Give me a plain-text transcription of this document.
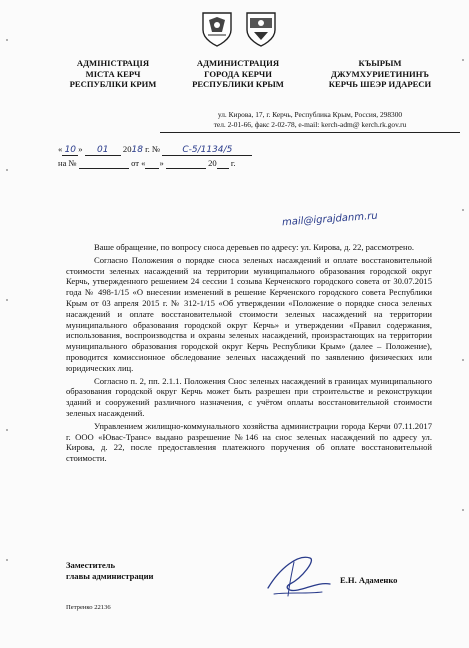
АДМІНІСТРАЦІЯ
МІСТА КЕРЧ
РЕСПУБЛІКИ КРИМ
АДМИНИСТРАЦИЯ
ГОРОДА КЕРЧИ
РЕСПУБЛИКИ КРЫМ
КЪЫРЫМ
ДЖУМХУРИЕТИНИНЪ
КЕРЧЬ ШЕЭР ИДАРЕСИ
ул. Кирова, 17, г. Керчь, Республика Крым, Россия, 298300
тел. 2-01-66, факс 2-02-78, e-mail: kerch-adm@ kerch.rk.gov.ru
« 10 » 01 2018 г. № С-5/1134/5
на №	от « »	20 г.
mail@igrajdanm.ru

Ваше обращение, по вопросу сноса деревьев по адресу: ул. Кирова, д. 22, рассмотрено.

Согласно Положения о порядке сноса зеленых насаждений и оплате восстановительной стоимости зеленых насаждений на территории муниципального образования городской округ Керчь, утвержденного решением 24 сессии 1 созыва Керченского городского совета от 30.07.2015 года № 498-1/15 «О внесении изменений в решение Керченского городского совета Республики Крым от 03 апреля 2015 г. № 312-1/15 «Об утверждении «Положение о порядке сноса зеленых насаждений и оплате восстановительной стоимости зеленых насаждений на территории муниципального образования городской округ Керчь» и утверждении «Правил содержания, использования, воспроизводства и охраны зеленых насаждений, произрастающих на территории муниципального образования городской округ Керчь Республики Крым» (далее – Положение), проводится комиссионное обследование зеленых насаждений по заявлению физических или юридических лиц.

Согласно п. 2, пп. 2.1.1. Положения Снос зеленых насаждений в границах муниципального образования городской округ Керчь может быть разрешен при строительстве и реконструкции зданий и сооружений различного назначения, с учётом оплаты восстановительной стоимости зеленых насаждений.

Управлением жилищно-коммунального хозяйства администрации города Керчи 07.11.2017 г. ООО «Ювас-Транс» выдано разрешение №146 на снос зеленых насаждений по адресу ул. Кирова, д. 22, после предоставления платежного поручения об оплате восстановительной стоимости.

Заместитель
главы администрации	Е.Н. Адаменко
Петренко 22136
